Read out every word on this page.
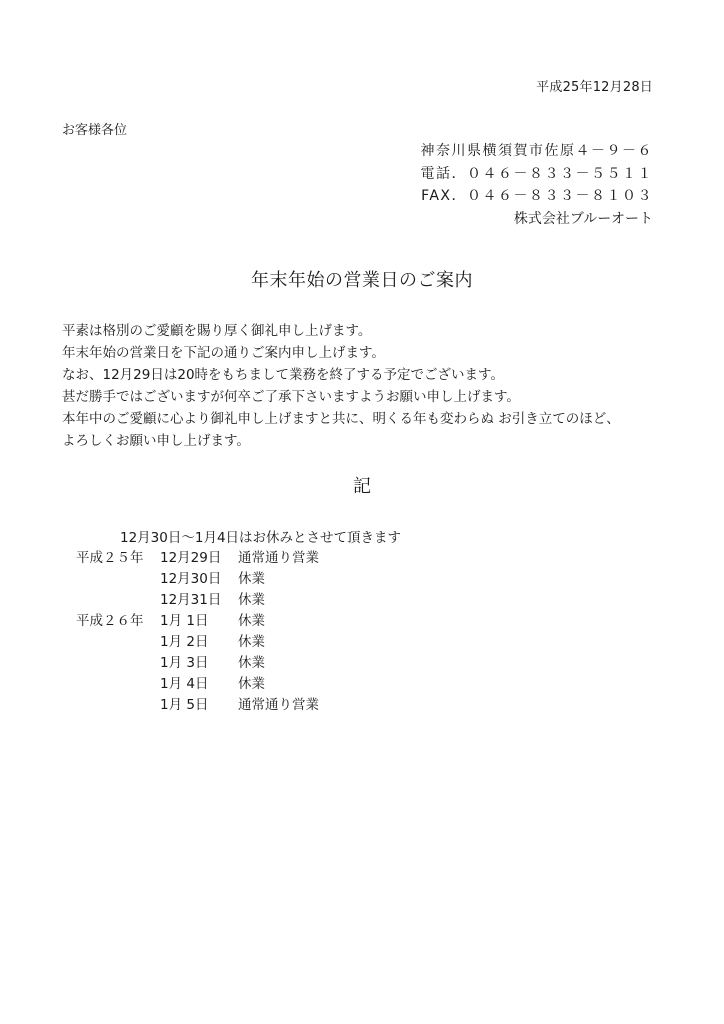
平成25年12月28日
お客様各位
神奈川県横須賀市佐原４－９－６
電話．０４６－８３３－５５１１
FAX．０４６－８３３－８１０３
株式会社ブルーオート
年末年始の営業日のご案内
平素は格別のご愛顧を賜り厚く御礼申し上げます。
年末年始の営業日を下記の通りご案内申し上げます。
なお、12月29日は20時をもちまして業務を終了する予定でございます。
甚だ勝手ではございますが何卒ご了承下さいますようお願い申し上げます。
本年中のご愛顧に心より御礼申し上げますと共に、明くる年も変わらぬ お引き立てのほど、
よろしくお願い申し上げます。
記
12月30日～1月4日はお休みとさせて頂きます
平成２５年 12月29日 通常通り営業
12月30日 休業
12月31日 休業
平成２６年 1月 1日 休業
1月 2日 休業
1月 3日 休業
1月 4日 休業
1月 5日 通常通り営業
